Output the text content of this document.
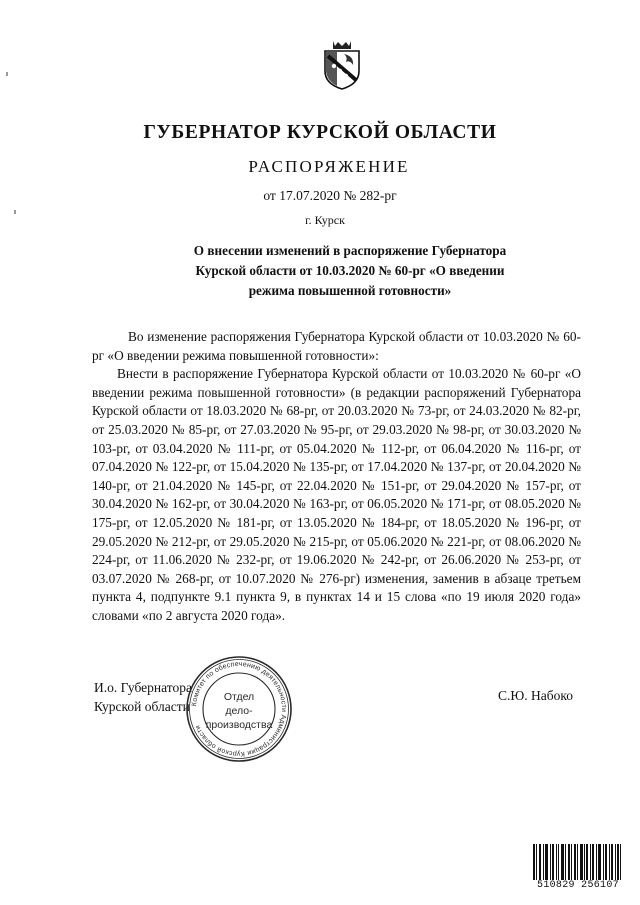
ГУБЕРНАТОР КУРСКОЙ ОБЛАСТИ
РАСПОРЯЖЕНИЕ
от 17.07.2020 № 282-рг
г. Курск
О внесении изменений в распоряжение Губернатора
Курской области от 10.03.2020 № 60-рг «О введении
режима повышенной готовности»

Во изменение распоряжения Губернатора Курской области от 10.03.2020 № 60-рг «О введении режима повышенной готовности»:

Внести в распоряжение Губернатора Курской области от 10.03.2020 № 60-рг «О введении режима повышенной готовности» (в редакции распоряжений Губернатора Курской области от 18.03.2020 № 68-рг, от 20.03.2020 № 73-рг, от 24.03.2020 № 82-рг, от 25.03.2020 № 85-рг, от 27.03.2020 № 95-рг, от 29.03.2020 № 98-рг, от 30.03.2020 № 103-рг, от 03.04.2020 № 111-рг, от 05.04.2020 № 112-рг, от 06.04.2020 № 116-рг, от 07.04.2020 № 122-рг, от 15.04.2020 № 135-рг, от 17.04.2020 № 137-рг, от 20.04.2020 № 140-рг, от 21.04.2020 № 145-рг, от 22.04.2020 № 151-рг, от 29.04.2020 № 157-рг, от 30.04.2020 № 162-рг, от 30.04.2020 № 163-рг, от 06.05.2020 № 171-рг, от 08.05.2020 № 175-рг, от 12.05.2020 № 181-рг, от 13.05.2020 № 184-рг, от 18.05.2020 № 196-рг, от 29.05.2020 № 212-рг, от 29.05.2020 № 215-рг, от 05.06.2020 № 221-рг, от 08.06.2020 № 224-рг, от 11.06.2020 № 232-рг, от 19.06.2020 № 242-рг, от 26.06.2020 № 253-рг, от 03.07.2020 № 268-рг, от 10.07.2020 № 276-рг) изменения, заменив в абзаце третьем пункта 4, подпункте 9.1 пункта 9, в пунктах 14 и 15 слова «по 19 июля 2020 года» словами «по 2 августа 2020 года».

И.о. Губернатора
Курской области
С.Ю. Набоко
Комитет по обеспечению деятельности Администрации Курской области
Отдел
дело-
производства
510829 256107
